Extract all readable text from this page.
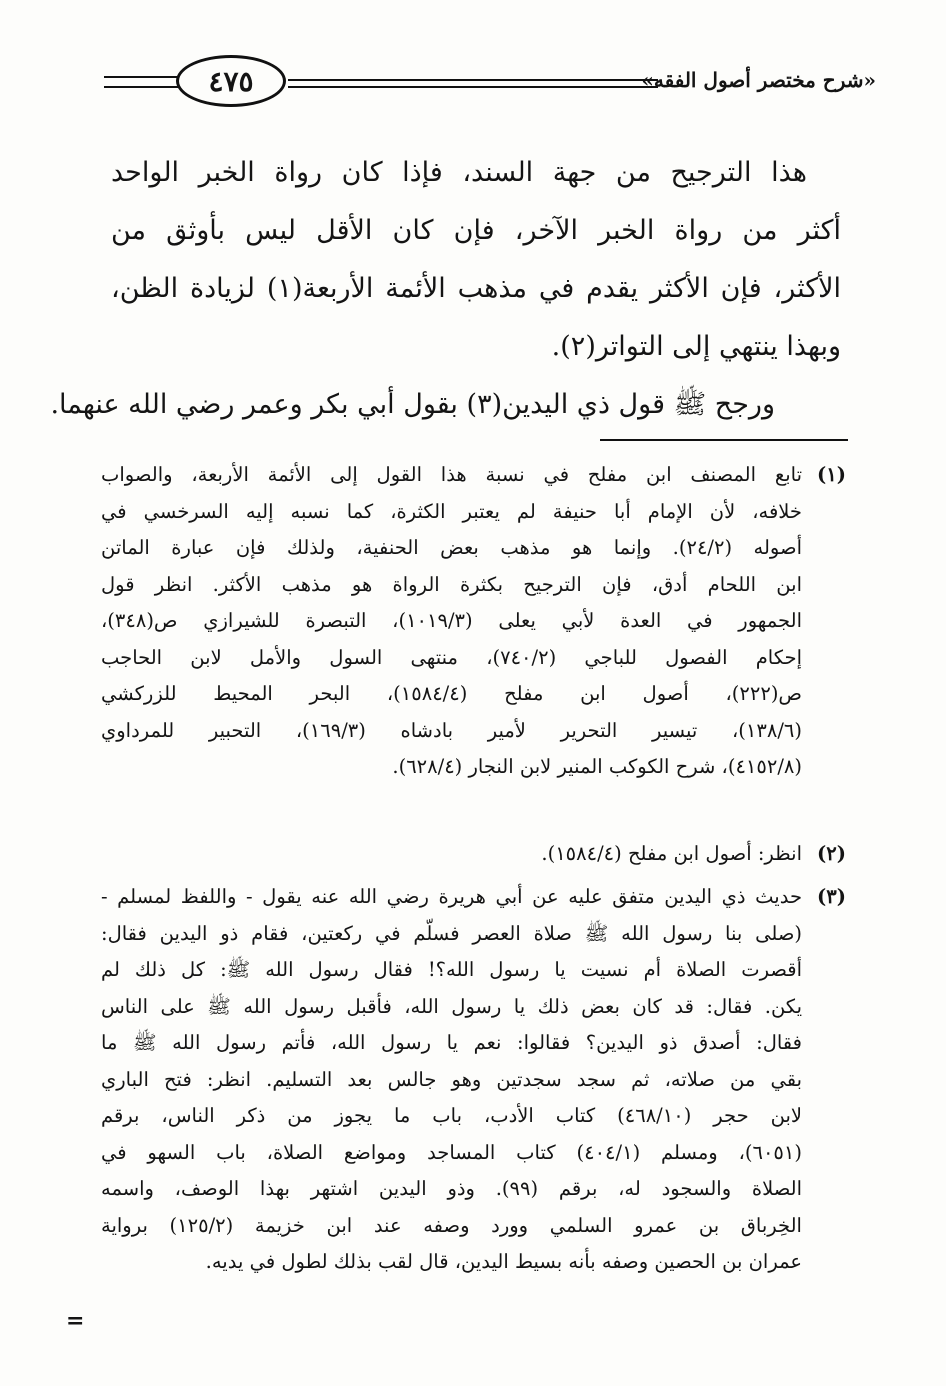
٤٧٥	«شرح مختصر أصول الفقه»
هذا الترجيح من جهة السند، فإذا كان رواة الخبر الواحد
أكثر من رواة الخبر الآخر، فإن كان الأقل ليس بأوثق من
الأكثر، فإن الأكثر يقدم في مذهب الأئمة الأربعة(١) لزيادة الظن،
وبهذا ينتهي إلى التواتر(٢).
ورجح ﷺ قول ذي اليدين(٣) بقول أبي بكر وعمر رضي الله عنهما.
(١)
تابع المصنف ابن مفلح في نسبة هذا القول إلى الأئمة الأربعة، والصواب
خلافه، لأن الإمام أبا حنيفة لم يعتبر الكثرة، كما نسبه إليه السرخسي في
أصوله (٢٤/٢). وإنما هو مذهب بعض الحنفية، ولذلك فإن عبارة الماتن
ابن اللحام أدق، فإن الترجيح بكثرة الرواة هو مذهب الأكثر. انظر قول
الجمهور في العدة لأبي يعلى (١٠١٩/٣)، التبصرة للشيرازي ص(٣٤٨)،
إحكام الفصول للباجي (٧٤٠/٢)، منتهى السول والأمل لابن الحاجب
ص(٢٢٢)، أصول ابن مفلح (١٥٨٤/٤)، البحر المحيط للزركشي
(١٣٨/٦)، تيسير التحرير لأمير بادشاه (١٦٩/٣)، التحبير للمرداوي
(٤١٥٢/٨)، شرح الكوكب المنير لابن النجار (٦٢٨/٤).
(٢)
انظر: أصول ابن مفلح (١٥٨٤/٤).
(٣)
حديث ذي اليدين متفق عليه عن أبي هريرة رضي الله عنه يقول - واللفظ لمسلم -
(صلى بنا رسول الله ﷺ صلاة العصر فسلّم في ركعتين، فقام ذو اليدين فقال:
أقصرت الصلاة أم نسيت يا رسول الله؟! فقال رسول الله ﷺ: كل ذلك لم
يكن. فقال: قد كان بعض ذلك يا رسول الله، فأقبل رسول الله ﷺ على الناس
فقال: أصدق ذو اليدين؟ فقالوا: نعم يا رسول الله، فأتم رسول الله ﷺ ما
بقي من صلاته، ثم سجد سجدتين وهو جالس بعد التسليم. انظر: فتح الباري
لابن حجر (٤٦٨/١٠) كتاب الأدب، باب ما يجوز من ذكر الناس، برقم
(٦٠٥١)، ومسلم (٤٠٤/١) كتاب المساجد ومواضع الصلاة، باب السهو في
الصلاة والسجود له، برقم (٩٩). وذو اليدين اشتهر بهذا الوصف، واسمه
الخِرباق بن عمرو السلمي وورد وصفه عند ابن خزيمة (١٢٥/٢) برواية
عمران بن الحصين وصفه بأنه بسيط اليدين، قال لقب بذلك لطول في يديه.
=
